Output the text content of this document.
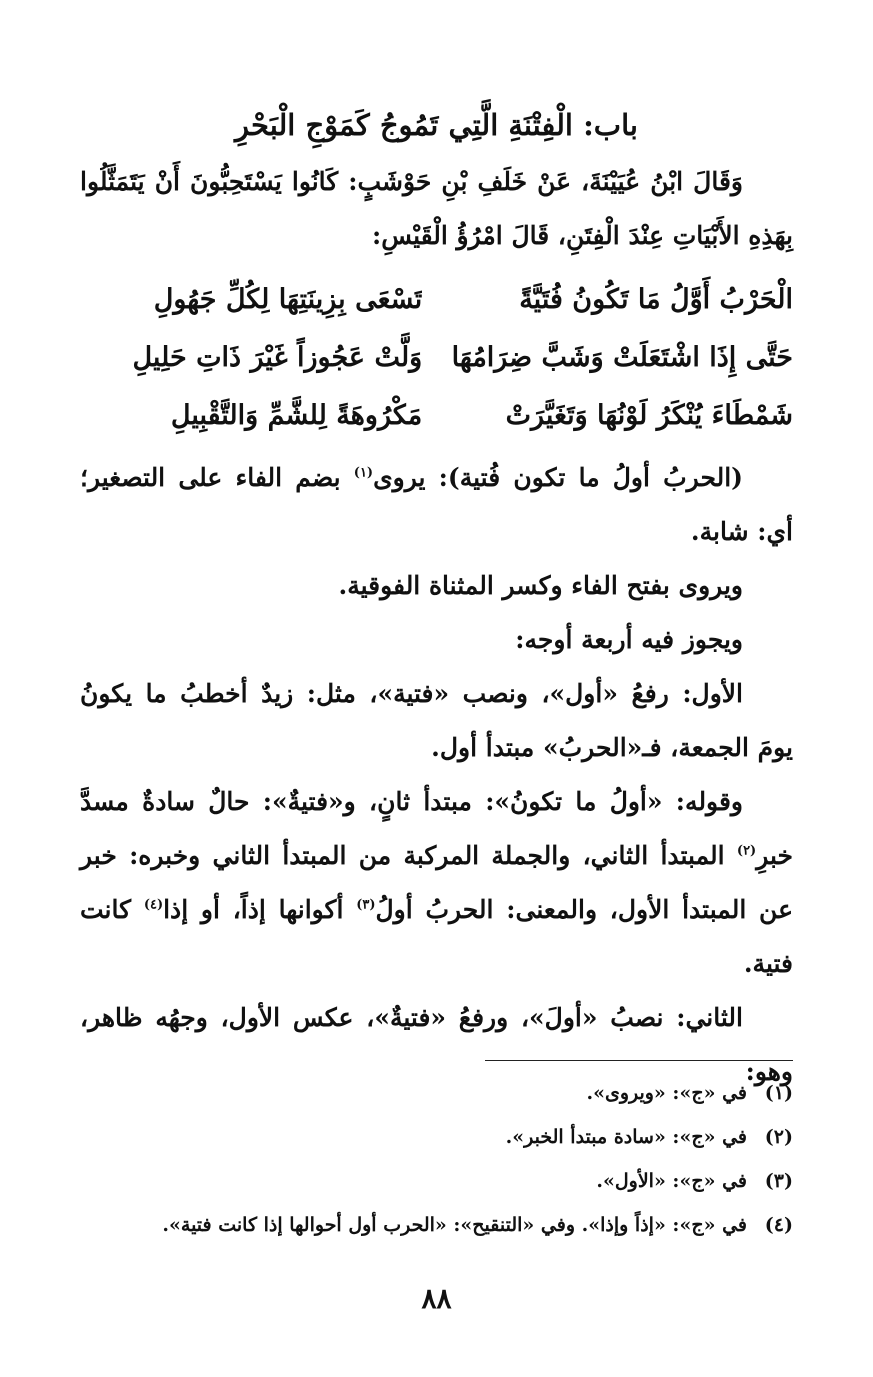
باب: الْفِتْنَةِ الَّتِي تَمُوجُ كَمَوْجِ الْبَحْرِ
وَقَالَ ابْنُ عُيَيْنَةَ، عَنْ خَلَفِ بْنِ حَوْشَبٍ: كَانُوا يَسْتَحِبُّونَ أَنْ يَتَمَثَّلُوا بِهَذِهِ الأَبْيَاتِ عِنْدَ الْفِتَنِ، قَالَ امْرُؤُ الْقَيْسِ:
الْحَرْبُ أَوَّلُ مَا تَكُونُ فُتَيَّةً
تَسْعَى بِزِينَتِهَا لِكُلِّ جَهُولِ
حَتَّى إِذَا اشْتَعَلَتْ وَشَبَّ ضِرَامُهَا
وَلَّتْ عَجُوزاً غَيْرَ ذَاتِ حَلِيلِ
شَمْطَاءَ يُنْكَرُ لَوْنُهَا وَتَغَيَّرَتْ
مَكْرُوهَةً لِلشَّمِّ وَالتَّقْبِيلِ
(الحربُ أولُ ما تكون فُتية): يروى$^{(١)}$ بضم الفاء على التصغير؛ أي: شابة.
ويروى بفتح الفاء وكسر المثناة الفوقية.
ويجوز فيه أربعة أوجه:
الأول: رفعُ «أول»، ونصب «فتية»، مثل: زيدٌ أخطبُ ما يكونُ يومَ الجمعة، فـ«الحربُ» مبتدأ أول.
وقوله: «أولُ ما تكونُ»: مبتدأ ثانٍ، و«فتيةٌ»: حالٌ سادةٌ مسدَّ خبرِ$^{(٢)}$ المبتدأ الثاني، والجملة المركبة من المبتدأ الثاني وخبره: خبر عن المبتدأ الأول، والمعنى: الحربُ أولُ$^{(٣)}$ أكوانها إذاً، أو إذا$^{(٤)}$ كانت فتية.
الثاني: نصبُ «أولَ»، ورفعُ «فتيةٌ»، عكس الأول، وجهُه ظاهر، وهو:
(١)في «ج»: «ويروى».
(٢)في «ج»: «سادة مبتدأ الخبر».
(٣)في «ج»: «الأول».
(٤)في «ج»: «إذاً وإذا». وفي «التنقيح»: «الحرب أول أحوالها إذا كانت فتية».
٨٨
